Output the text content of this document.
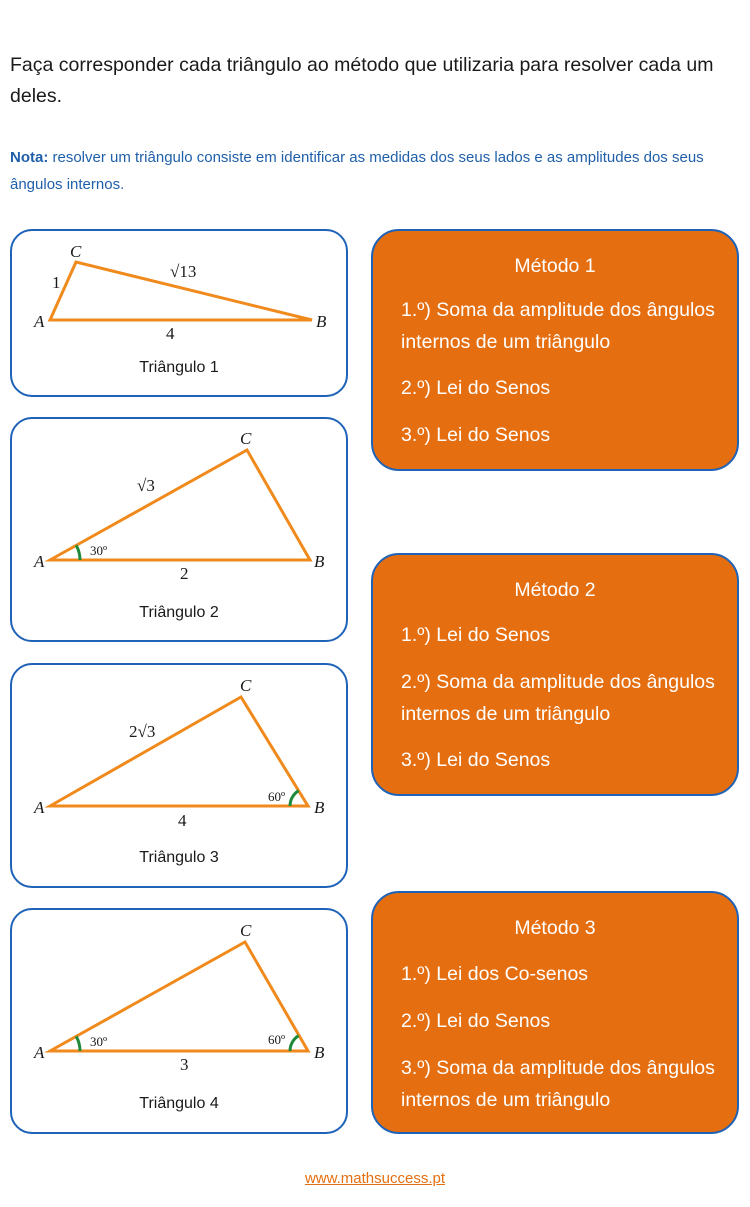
Faça corresponder cada triângulo ao método que utilizaria para resolver cada um deles.
Nota: resolver um triângulo consiste em identificar as medidas dos seus lados e as amplitudes dos seus ângulos internos.
C
A	B
1
√13
4
Triângulo 1
C
A	B
√3
2
30º
Triângulo 2
C
A	B
2√3
4
60º
Triângulo 3
C
A	B
3
30º	60º
Triângulo 4
Método 1
1.º) Soma da amplitude dos ângulos internos de um triângulo
2.º) Lei do Senos
3.º) Lei do Senos
Método 2
1.º) Lei do Senos
2.º) Soma da amplitude dos ângulos internos de um triângulo
3.º) Lei do Senos
Método 3
1.º) Lei dos Co-senos
2.º) Lei do Senos
3.º) Soma da amplitude dos ângulos internos de um triângulo
www.mathsuccess.pt
